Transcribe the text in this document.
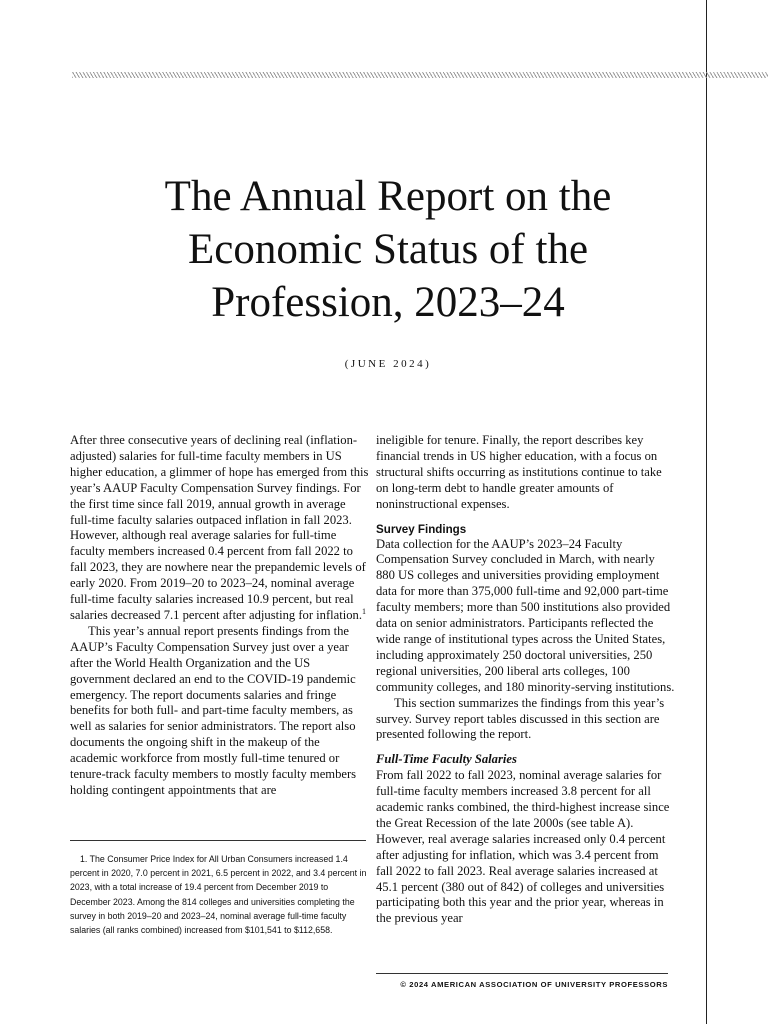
The Annual Report on the
Economic Status of the
Profession, 2023–24
(JUNE 2024)

After three consecutive years of declining real (inflation-adjusted) salaries for full-time faculty members in US higher education, a glimmer of hope has emerged from this year’s AAUP Faculty Compensation Survey findings. For the first time since fall 2019, annual growth in average full-time faculty salaries outpaced inflation in fall 2023. However, although real average salaries for full-time faculty members increased 0.4 percent from fall 2022 to fall 2023, they are nowhere near the prepandemic levels of early 2020. From 2019–20 to 2023–24, nominal average full-time faculty salaries increased 10.9 percent, but real salaries decreased 7.1 percent after adjusting for inflation.$^1$

This year’s annual report presents findings from the AAUP’s Faculty Compensation Survey just over a year after the World Health Organization and the US government declared an end to the COVID-19 pandemic emergency. The report documents salaries and fringe benefits for both full- and part-time faculty members, as well as salaries for senior administrators. The report also documents the ongoing shift in the makeup of the academic workforce from mostly full-time tenured or tenure-track faculty members to mostly faculty members holding contingent appointments that are

ineligible for tenure. Finally, the report describes key financial trends in US higher education, with a focus on structural shifts occurring as institutions continue to take on long-term debt to handle greater amounts of noninstructional expenses.

Survey Findings

Data collection for the AAUP’s 2023–24 Faculty Compensation Survey concluded in March, with nearly 880 US colleges and universities providing employment data for more than 375,000 full-time and 92,000 part-time faculty members; more than 500 institutions also provided data on senior administrators. Participants reflected the wide range of institutional types across the United States, including approximately 250 doctoral universities, 250 regional universities, 200 liberal arts colleges, 100 community colleges, and 180 minority-serving institutions.

This section summarizes the findings from this year’s survey. Survey report tables discussed in this section are presented following the report.

Full-Time Faculty Salaries

From fall 2022 to fall 2023, nominal average salaries for full-time faculty members increased 3.8 percent for all academic ranks combined, the third-highest increase since the Great Recession of the late 2000s (see table A). However, real average salaries increased only 0.4 percent after adjusting for inflation, which was 3.4 percent from fall 2022 to fall 2023. Real average salaries increased at 45.1 percent (380 out of 842) of colleges and universities participating both this year and the prior year, whereas in the previous year

1. The Consumer Price Index for All Urban Consumers increased 1.4 percent in 2020, 7.0 percent in 2021, 6.5 percent in 2022, and 3.4 percent in 2023, with a total increase of 19.4 percent from December 2019 to December 2023. Among the 814 colleges and universities completing the survey in both 2019–20 and 2023–24, nominal average full-time faculty salaries (all ranks combined) increased from $101,541 to $112,658.

© 2024 AMERICAN ASSOCIATION OF UNIVERSITY PROFESSORS
